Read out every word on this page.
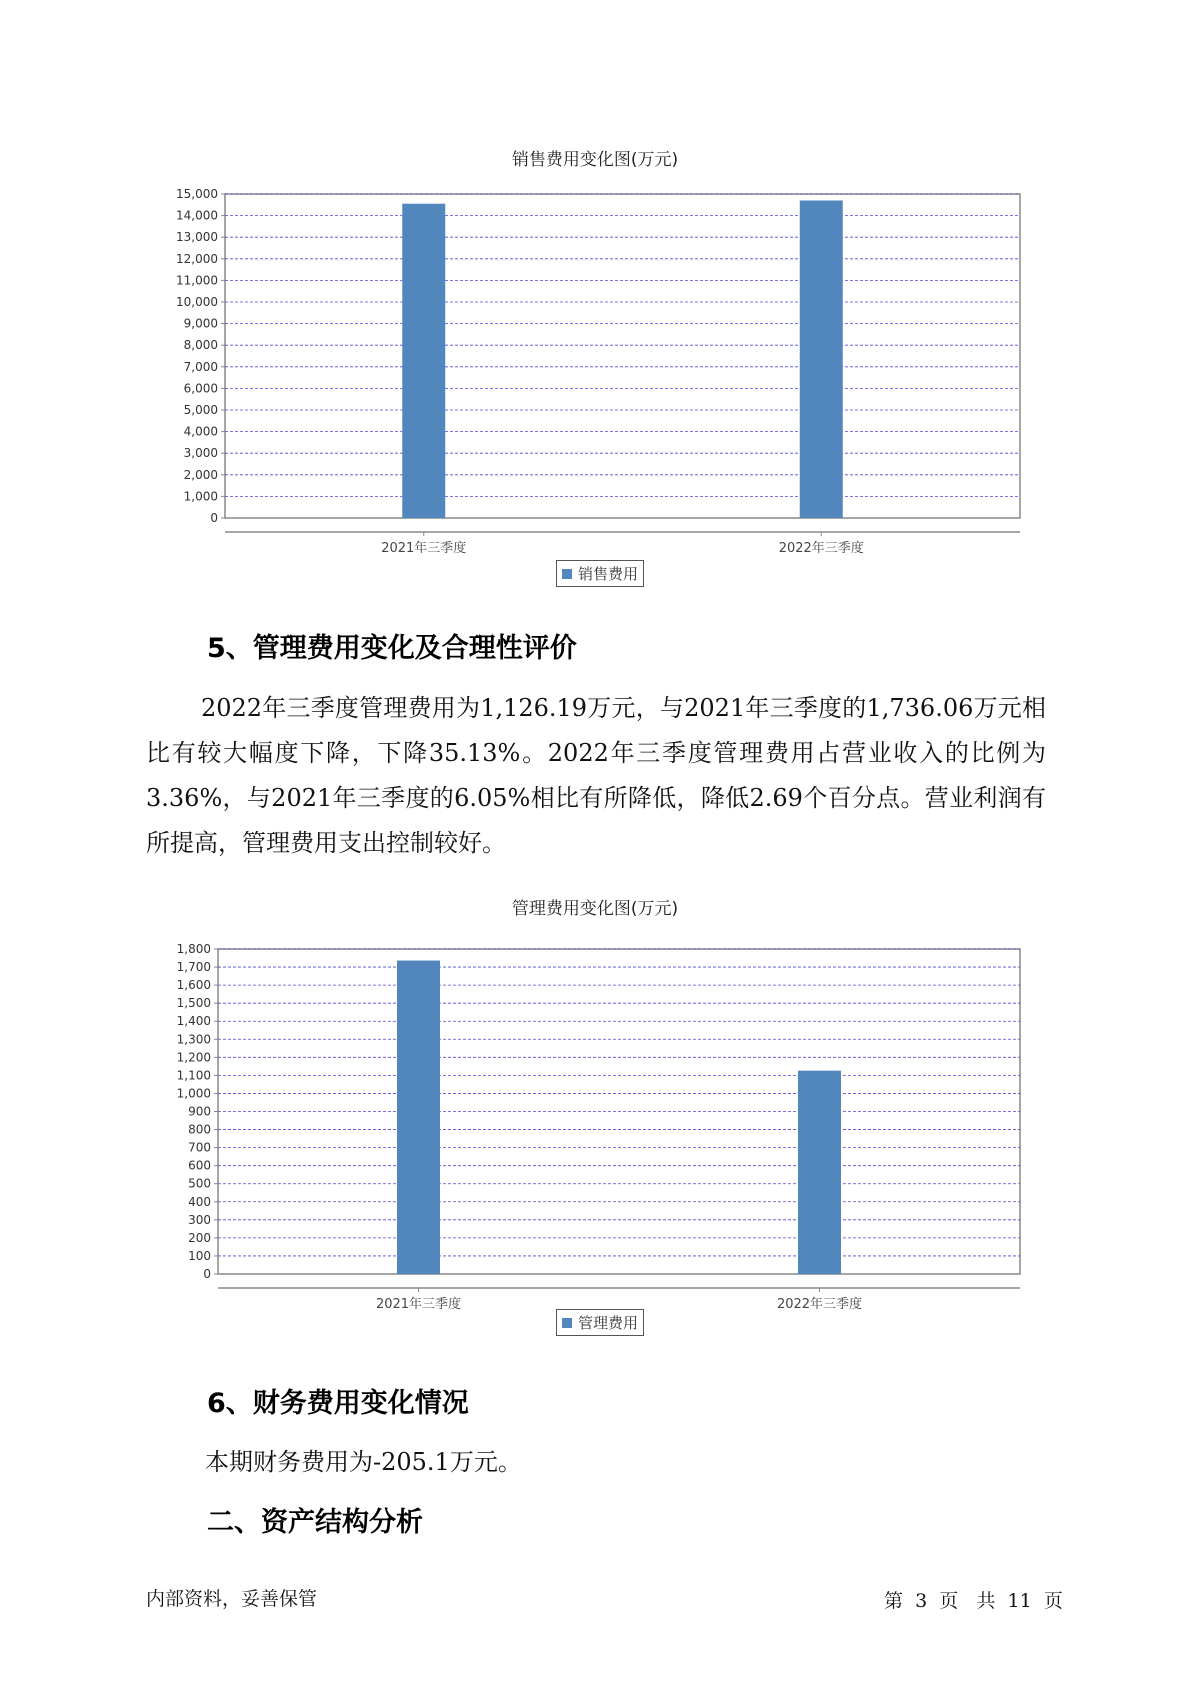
销售费用变化图(万元)
0
1,000
2,000
3,000
4,000
5,000
6,000
7,000
8,000
9,000
10,000
11,000
12,000
13,000
14,000
15,000
2021年三季度	2022年三季度
销售费用
5、管理费用变化及合理性评价
2022年三季度管理费用为1,126.19万元，与2021年三季度的1,736.06万元相比有较大幅度下降，下降35.13%。2022年三季度管理费用占营业收入的比例为3.36%，与2021年三季度的6.05%相比有所降低，降低2.69个百分点。营业利润有所提高，管理费用支出控制较好。
管理费用变化图(万元)
0
100
200
300
400
500
600
700
800
900
1,000
1,100
1,200
1,300
1,400
1,500
1,600
1,700
1,800
2021年三季度	2022年三季度
管理费用
6、财务费用变化情况
本期财务费用为-205.1万元。
二、资产结构分析
内部资料，妥善保管	第 3 页 共 11 页
